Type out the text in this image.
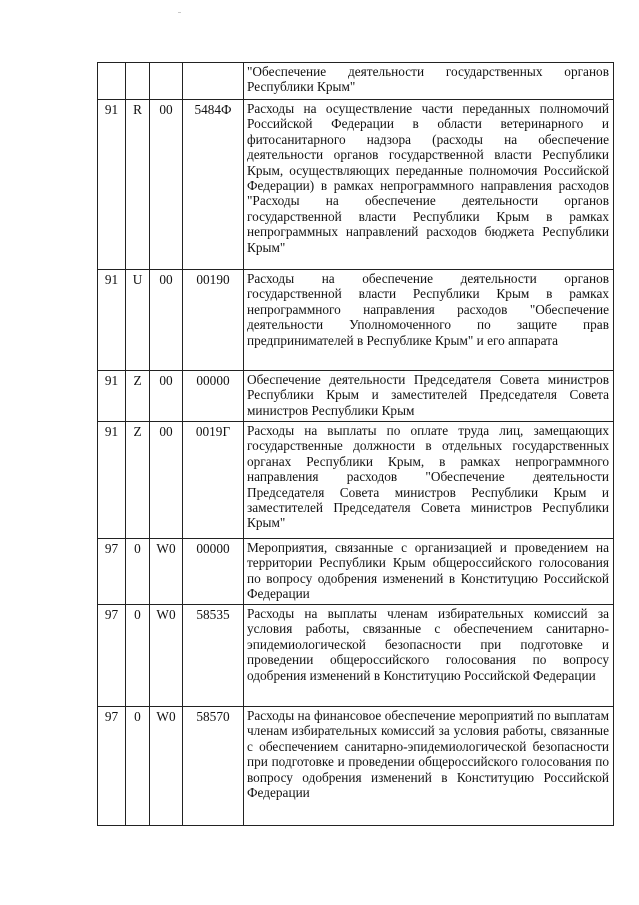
				"Обеспечение деятельности государственных органов Республики Крым"

91	R	00	5484Ф	Расходы на осуществление части переданных полномочий Российской Федерации в области ветеринарного и фитосанитарного надзора (расходы на обеспечение деятельности органов государственной власти Республики Крым, осуществляющих переданные полномочия Российской Федерации) в рамках непрограммного направления расходов "Расходы на обеспечение деятельности органов государственной власти Республики Крым в рамках непрограммных направлений расходов бюджета Республики Крым"

91	U	00	00190	Расходы на обеспечение деятельности органов государственной власти Республики Крым в рамках непрограммного направления расходов "Обеспечение деятельности Уполномоченного по защите прав предпринимателей в Республике Крым" и его аппарата

91	Z	00	00000	Обеспечение деятельности Председателя Совета министров Республики Крым и заместителей Председателя Совета министров Республики Крым

91	Z	00	0019Г	Расходы на выплаты по оплате труда лиц, замещающих государственные должности в отдельных государственных органах Республики Крым, в рамках непрограммного направления расходов "Обеспечение деятельности Председателя Совета министров Республики Крым и заместителей Председателя Совета министров Республики Крым"

97	0	W0	00000	Мероприятия, связанные с организацией и проведением на территории Республики Крым общероссийского голосования по вопросу одобрения изменений в Конституцию Российской Федерации

97	0	W0	58535	Расходы на выплаты членам избирательных комиссий за условия работы, связанные с обеспечением санитарно-эпидемиологической безопасности при подготовке и проведении общероссийского голосования по вопросу одобрения изменений в Конституцию Российской Федерации

97	0	W0	58570	Расходы на финансовое обеспечение мероприятий по выплатам членам избирательных комиссий за условия работы, связанные с обеспечением санитарно-эпидемиологической безопасности при подготовке и проведении общероссийского голосования по вопросу одобрения изменений в Конституцию Российской Федерации
